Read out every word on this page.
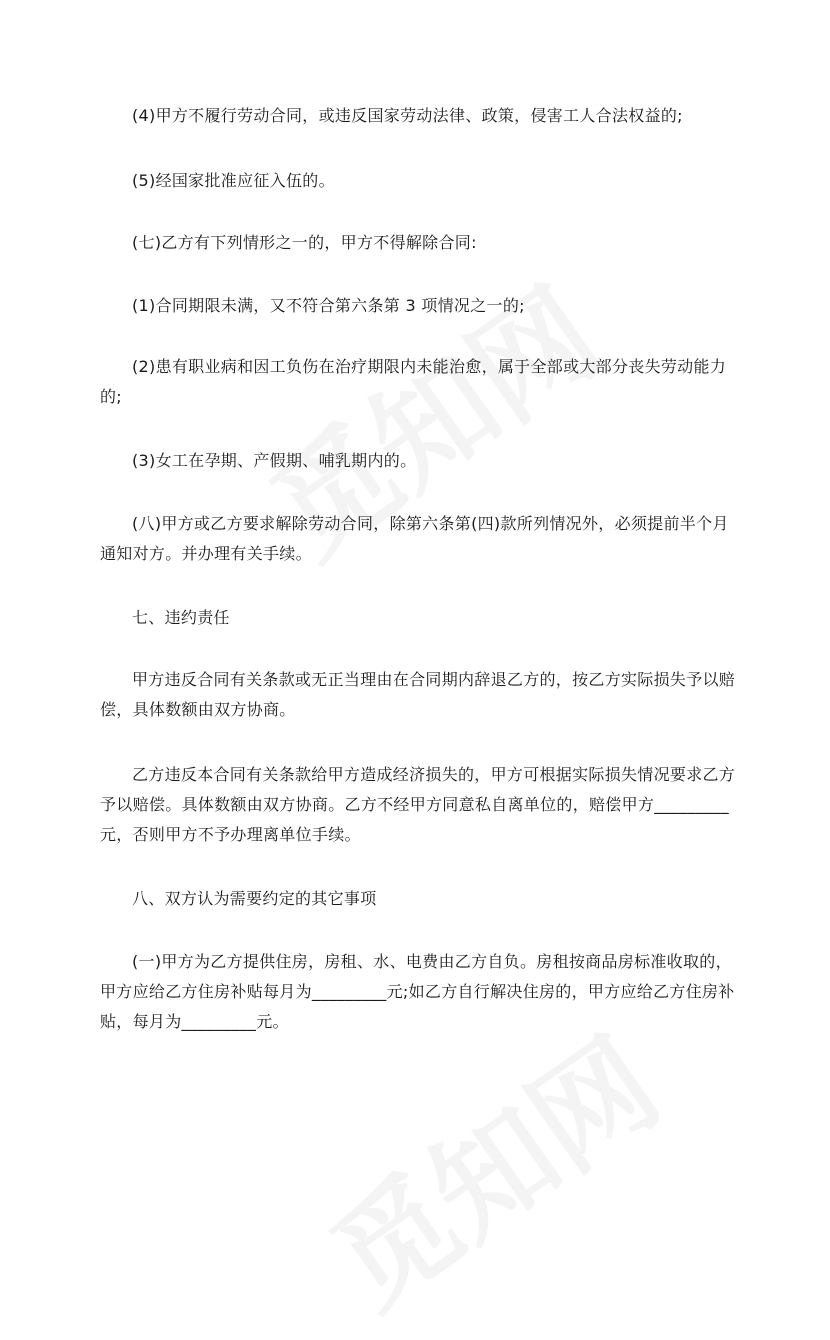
(4)甲方不履行劳动合同，或违反国家劳动法律、政策，侵害工人合法权益的;

(5)经国家批准应征入伍的。

(七)乙方有下列情形之一的，甲方不得解除合同:

(1)合同期限未满，又不符合第六条第 3 项情况之一的;

(2)患有职业病和因工负伤在治疗期限内未能治愈，属于全部或大部分丧失劳动能力的;

(3)女工在孕期、产假期、哺乳期内的。

(八)甲方或乙方要求解除劳动合同，除第六条第(四)款所列情况外，必须提前半个月通知对方。并办理有关手续。

七、违约责任

甲方违反合同有关条款或无正当理由在合同期内辞退乙方的，按乙方实际损失予以赔偿，具体数额由双方协商。

乙方违反本合同有关条款给甲方造成经济损失的，甲方可根据实际损失情况要求乙方予以赔偿。具体数额由双方协商。乙方不经甲方同意私自离单位的，赔偿甲方_________元，否则甲方不予办理离单位手续。

八、双方认为需要约定的其它事项

(一)甲方为乙方提供住房，房租、水、电费由乙方自负。房租按商品房标准收取的，甲方应给乙方住房补贴每月为_________元;如乙方自行解决住房的，甲方应给乙方住房补贴，每月为_________元。
